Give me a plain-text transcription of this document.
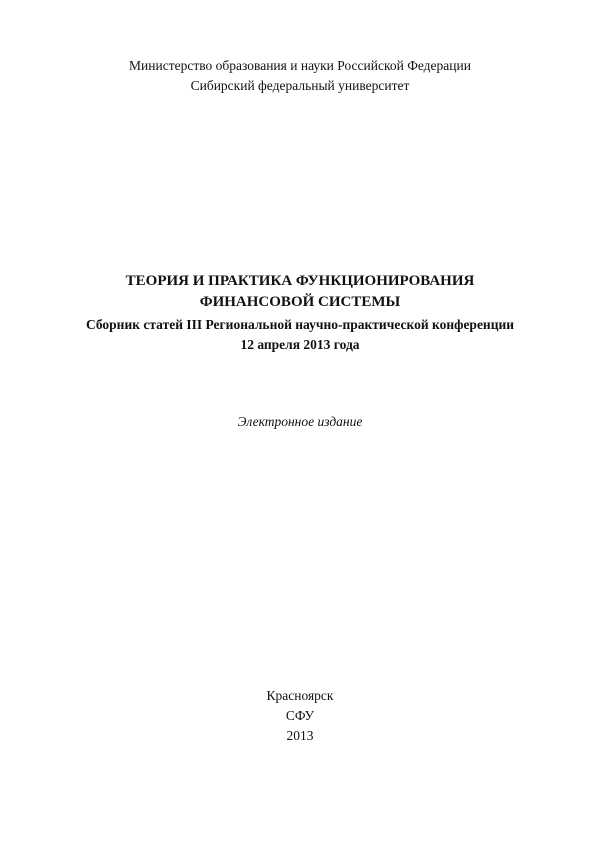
Министерство образования и науки Российской Федерации
Сибирский федеральный университет
ТЕОРИЯ И ПРАКТИКА ФУНКЦИОНИРОВАНИЯ
ФИНАНСОВОЙ СИСТЕМЫ
Сборник статей III Региональной научно-практической конференции
12 апреля 2013 года
Электронное издание
Красноярск
СФУ
2013
